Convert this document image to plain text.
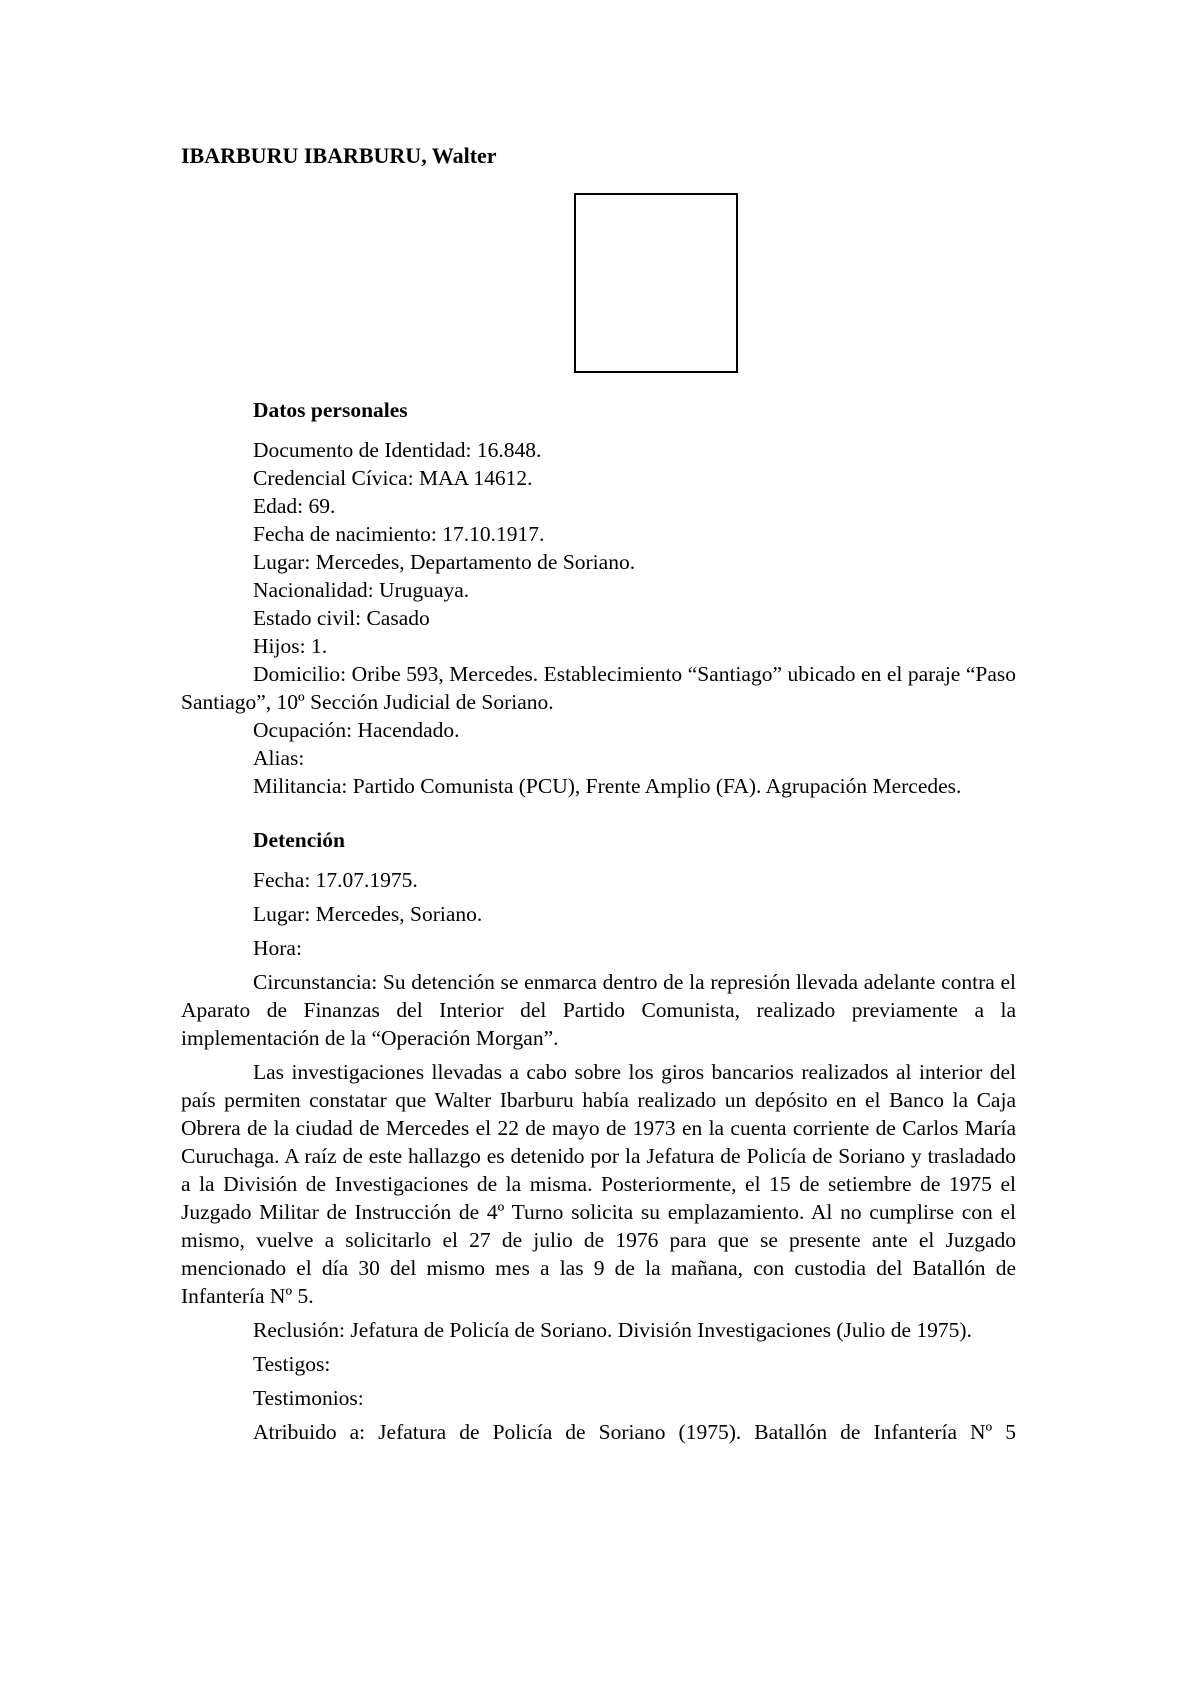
IBARBURU IBARBURU, Walter
Datos personales

Documento de Identidad: 16.848.

Credencial Cívica: MAA 14612.

Edad: 69.

Fecha de nacimiento: 17.10.1917.

Lugar: Mercedes, Departamento de Soriano.

Nacionalidad: Uruguaya.

Estado civil: Casado

Hijos: 1.

Domicilio: Oribe 593, Mercedes. Establecimiento “Santiago” ubicado en el paraje “Paso Santiago”, 10º Sección Judicial de Soriano.

Ocupación: Hacendado.

Alias:

Militancia: Partido Comunista (PCU), Frente Amplio (FA). Agrupación Mercedes.

Detención

Fecha: 17.07.1975.

Lugar: Mercedes, Soriano.

Hora:

Circunstancia: Su detención se enmarca dentro de la represión llevada adelante contra el Aparato de Finanzas del Interior del Partido Comunista, realizado previamente a la implementación de la “Operación Morgan”.

Las investigaciones llevadas a cabo sobre los giros bancarios realizados al interior del país permiten constatar que Walter Ibarburu había realizado un depósito en el Banco la Caja Obrera de la ciudad de Mercedes el 22 de mayo de 1973 en la cuenta corriente de Carlos María Curuchaga. A raíz de este hallazgo es detenido por la Jefatura de Policía de Soriano y trasladado a la División de Investigaciones de la misma. Posteriormente, el 15 de setiembre de 1975 el Juzgado Militar de Instrucción de 4º Turno solicita su emplazamiento. Al no cumplirse con el mismo, vuelve a solicitarlo el 27 de julio de 1976 para que se presente ante el Juzgado mencionado el día 30 del mismo mes a las 9 de la mañana, con custodia del Batallón de Infantería Nº 5.

Reclusión: Jefatura de Policía de Soriano. División Investigaciones (Julio de 1975).

Testigos:

Testimonios:

Atribuido a: Jefatura de Policía de Soriano (1975). Batallón de Infantería Nº 5
